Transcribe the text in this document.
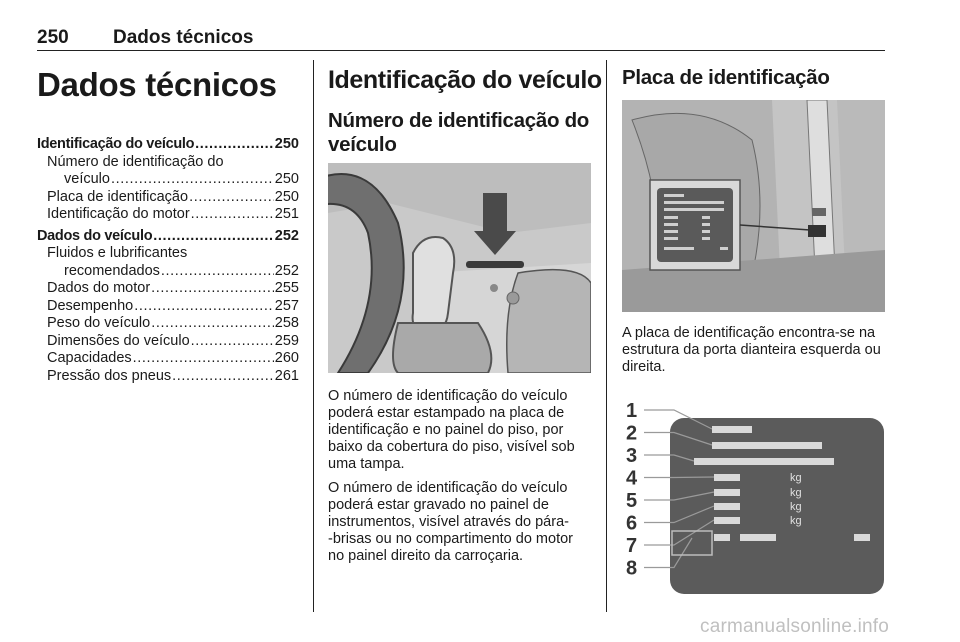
250 Dados técnicos
Dados técnicos
Identificação do veículo .....	250
Número de identificação do
veículo .....	250
Placa de identificação .....	250
Identificação do motor .....	251
Dados do veículo .....	252
Fluidos e lubrificantes
recomendados .....	252
Dados do motor .....	255
Desempenho .....	257
Peso do veículo .....	258
Dimensões do veículo .....	259
Capacidades .....	260
Pressão dos pneus .....	261
Identificação do veículo
Número de identificação do veículo

O número de identificação do veículo poderá estar estampado na placa de identificação e no painel do piso, por baixo da cobertura do piso, visível sob uma tampa.

O número de identificação do veículo poderá estar gravado no painel de instrumentos, visível através do pára-‑brisas ou no compartimento do motor no painel direito da carroçaria.

Placa de identificação

A placa de identificação encontra-se na estrutura da porta dianteira esquerda ou direita.

1
2
3
4
5
6
7
8
kg
kg
kg
kg
carmanualsonline.info
